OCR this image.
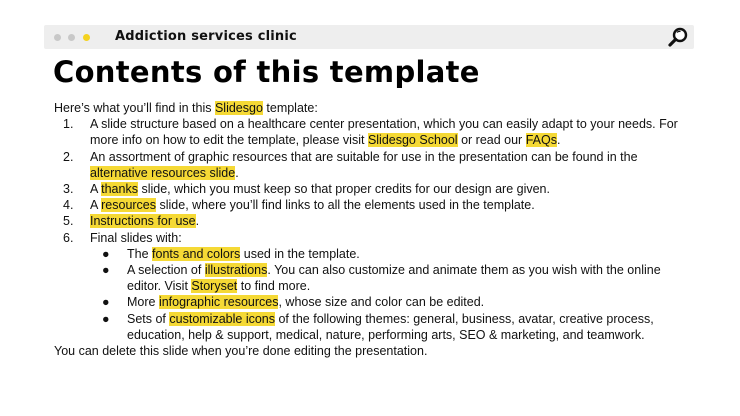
Addiction services clinic
Contents of this template

Here’s what you’ll find in this Slidesgo template:

1. A slide structure based on a healthcare center presentation, which you can easily adapt to your needs. For more info on how to edit the template, please visit Slidesgo School or read our FAQs.
2. An assortment of graphic resources that are suitable for use in the presentation can be found in the alternative resources slide.
3. A thanks slide, which you must keep so that proper credits for our design are given.
4. A resources slide, where you’ll find links to all the elements used in the template.
5. Instructions for use.
6. Final slides with:
● The fonts and colors used in the template.
● A selection of illustrations. You can also customize and animate them as you wish with the online editor. Visit Storyset to find more.
● More infographic resources, whose size and color can be edited.
● Sets of customizable icons of the following themes: general, business, avatar, creative process, education, help & support, medical, nature, performing arts, SEO & marketing, and teamwork.

You can delete this slide when you’re done editing the presentation.
